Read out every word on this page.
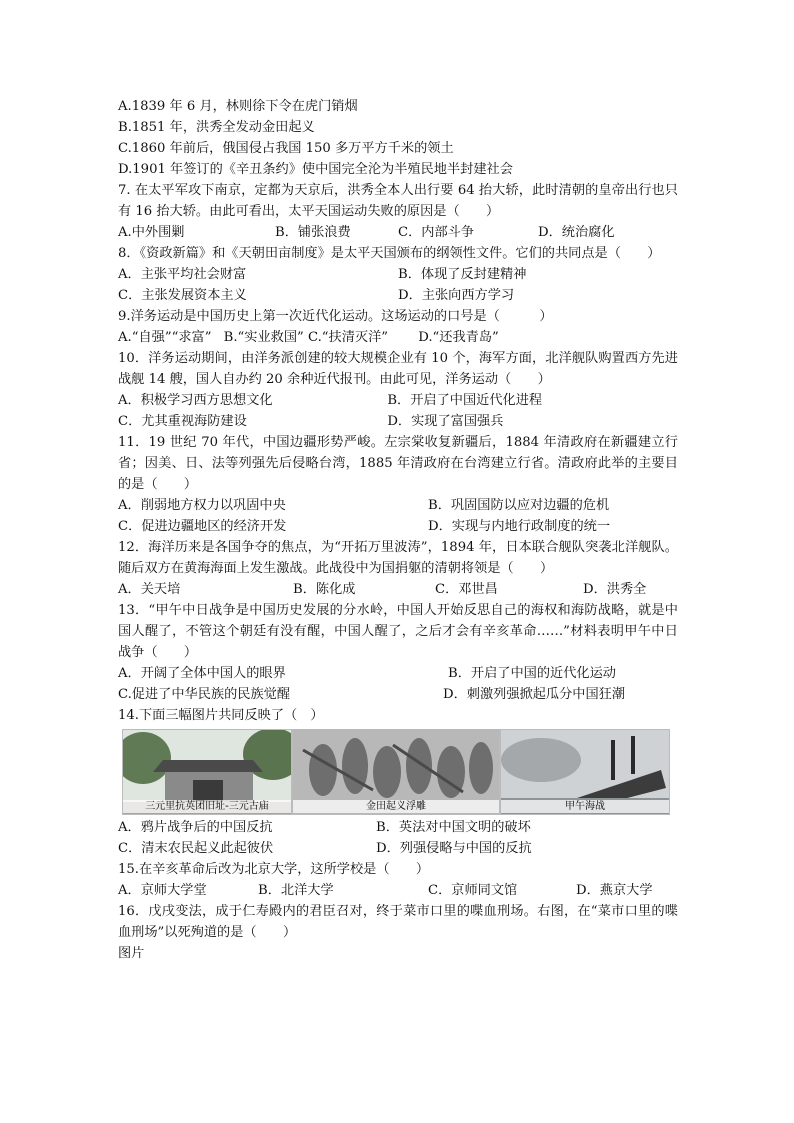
A.1839 年 6 月，林则徐下令在虎门销烟
B.1851 年，洪秀全发动金田起义
C.1860 年前后，俄国侵占我国 150 多万平方千米的领土
D.1901 年签订的《辛丑条约》使中国完全沦为半殖民地半封建社会
7. 在太平军攻下南京，定都为天京后，洪秀全本人出行要 64 抬大轿，此时清朝的皇帝出行也只有 16 抬大轿。由此可看出，太平天国运动失败的原因是（　　）
A.中外围剿	B．铺张浪费	C．内部斗争	D．统治腐化
8．《资政新篇》和《天朝田亩制度》是太平天国颁布的纲领性文件。它们的共同点是（　　）
A．主张平均社会财富	B．体现了反封建精神
C．主张发展资本主义	D．主张向西方学习
9.洋务运动是中国历史上第一次近代化运动。这场运动的口号是（　　　）
A.“自强”“求富” B.“实业救国” C.“扶清灭洋” D.“还我青岛”
10．洋务运动期间，由洋务派创建的较大规模企业有 10 个，海军方面，北洋舰队购置西方先进战舰 14 艘，国人自办约 20 余种近代报刊。由此可见，洋务运动（　　）
A．积极学习西方思想文化	B．开启了中国近代化进程
C．尤其重视海防建设	D．实现了富国强兵
11．19 世纪 70 年代，中国边疆形势严峻。左宗棠收复新疆后，1884 年清政府在新疆建立行省；因美、日、法等列强先后侵略台湾，1885 年清政府在台湾建立行省。清政府此举的主要目的是（　　）
A．削弱地方权力以巩固中央	B．巩固国防以应对边疆的危机
C．促进边疆地区的经济开发	D．实现与内地行政制度的统一
12．海洋历来是各国争夺的焦点，为“开拓万里波涛”，1894 年，日本联合舰队突袭北洋舰队。随后双方在黄海海面上发生激战。此战役中为国捐躯的清朝将领是（　　）
A．关天培	B．陈化成	C．邓世昌	D．洪秀全
13．“甲午中日战争是中国历史发展的分水岭，中国人开始反思自己的海权和海防战略，就是中国人醒了，不管这个朝廷有没有醒，中国人醒了，之后才会有辛亥革命……”材料表明甲午中日战争（　　）
A．开阔了全体中国人的眼界	B．开启了中国的近代化运动
C.促进了中华民族的民族觉醒	D．刺激列强掀起瓜分中国狂潮
14.下面三幅图片共同反映了（　）
三元里抗英团旧址-三元古庙	金田起义浮雕	甲午海战
A．鸦片战争后的中国反抗	B．英法对中国文明的破坏
C．清末农民起义此起彼伏	D．列强侵略与中国的反抗
15.在辛亥革命后改为北京大学，这所学校是（　　）
A．京师大学堂	B．北洋大学	C．京师同文馆	D．燕京大学
16．戊戌变法，成于仁寿殿内的君臣召对，终于菜市口里的喋血刑场。右图，在“菜市口里的喋血刑场”以死殉道的是（　　）
图片
